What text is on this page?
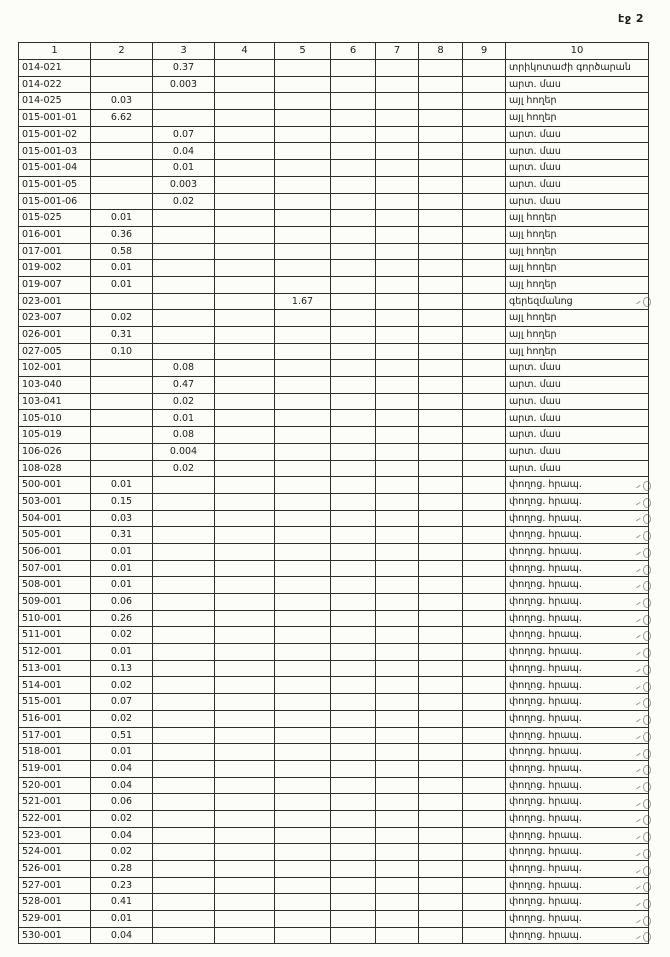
էջ 2
1	2	3	4	5	6	7	8	9	10
014-021		0.37							տրիկոտաժի գործարան
014-022		0.003							արտ. մաս
014-025	0.03								այլ հողեր
015-001-01	6.62								այլ հողեր
015-001-02		0.07							արտ. մաս
015-001-03		0.04							արտ. մաս
015-001-04		0.01							արտ. մաս
015-001-05		0.003							արտ. մաս
015-001-06		0.02							արտ. մաս
015-025	0.01								այլ հողեր
016-001	0.36								այլ հողեր
017-001	0.58								այլ հողեր
019-002	0.01								այլ հողեր
019-007	0.01								այլ հողեր
023-001				1.67					գերեզմանոց
023-007	0.02								այլ հողեր
026-001	0.31								այլ հողեր
027-005	0.10								այլ հողեր
102-001		0.08							արտ. մաս
103-040		0.47							արտ. մաս
103-041		0.02							արտ. մաս
105-010		0.01							արտ. մաս
105-019		0.08							արտ. մաս
106-026		0.004							արտ. մաս
108-028		0.02							արտ. մաս
500-001	0.01								փողոց. հրապ.
503-001	0.15								փողոց. հրապ.
504-001	0.03								փողոց. հրապ.
505-001	0.31								փողոց. հրապ.
506-001	0.01								փողոց. հրապ.
507-001	0.01								փողոց. հրապ.
508-001	0.01								փողոց. հրապ.
509-001	0.06								փողոց. հրապ.
510-001	0.26								փողոց. հրապ.
511-001	0.02								փողոց. հրապ.
512-001	0.01								փողոց. հրապ.
513-001	0.13								փողոց. հրապ.
514-001	0.02								փողոց. հրապ.
515-001	0.07								փողոց. հրապ.
516-001	0.02								փողոց. հրապ.
517-001	0.51								փողոց. հրապ.
518-001	0.01								փողոց. հրապ.
519-001	0.04								փողոց. հրապ.
520-001	0.04								փողոց. հրապ.
521-001	0.06								փողոց. հրապ.
522-001	0.02								փողոց. հրապ.
523-001	0.04								փողոց. հրապ.
524-001	0.02								փողոց. հրապ.
526-001	0.28								փողոց. հրապ.
527-001	0.23								փողոց. հրապ.
528-001	0.41								փողոց. հրապ.
529-001	0.01								փողոց. հրապ.
530-001	0.04								փողոց. հրապ.
